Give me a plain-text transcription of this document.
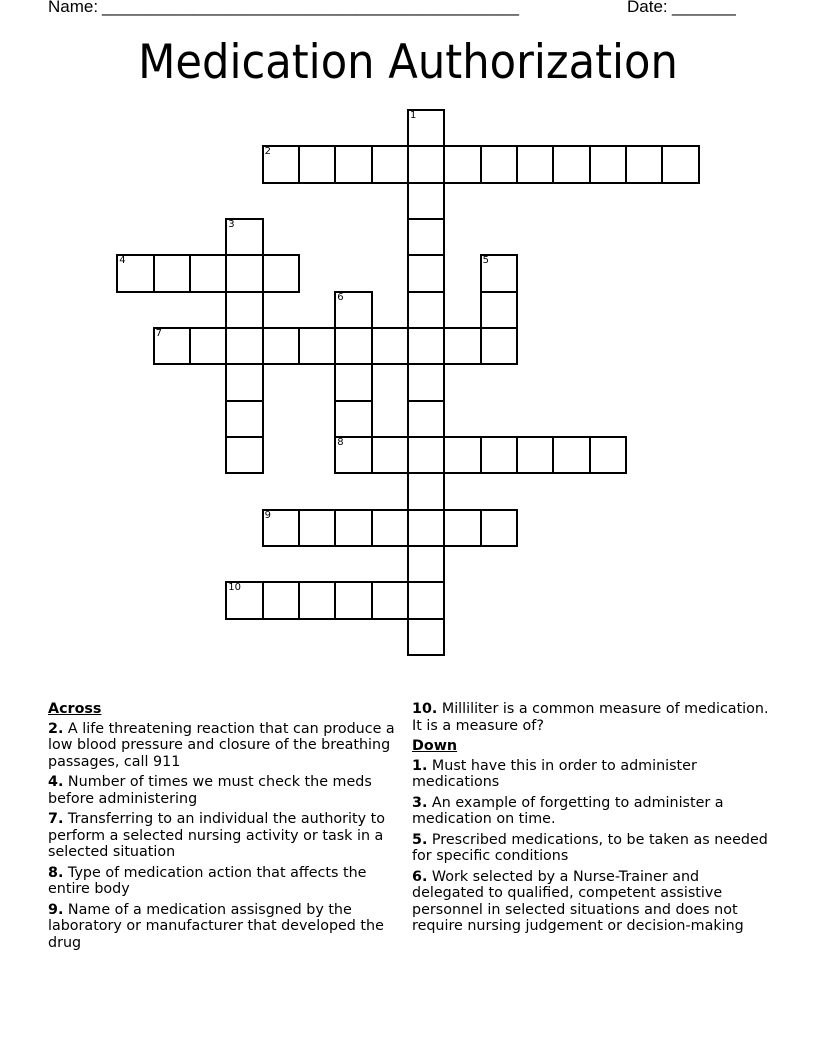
Name: ______________________________________________	Date: _______
Medication Authorization
1
2
3
4	5
6
8
7
9
10
Across
2. A life threatening reaction that can produce a low blood pressure and closure of the breathing passages, call 911
4. Number of times we must check the meds before administering
7. Transferring to an individual the authority to perform a selected nursing activity or task in a selected situation
8. Type of medication action that affects the entire body
9. Name of a medication assisgned by the laboratory or manufacturer that developed the drug
10. Milliliter is a common measure of medication. It is a measure of?
Down
1. Must have this in order to administer medications
3. An example of forgetting to administer a medication on time.
5. Prescribed medications, to be taken as needed for specific conditions
6. Work selected by a Nurse-Trainer and delegated to qualified, competent assistive personnel in selected situations and does not require nursing judgement or decision-making
